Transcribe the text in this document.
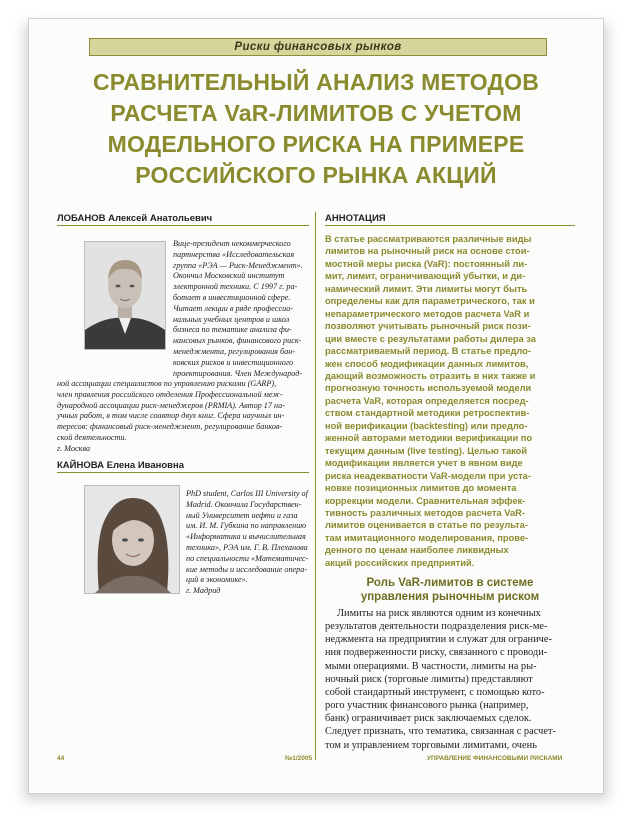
Риски финансовых рынков
СРАВНИТЕЛЬНЫЙ АНАЛИЗ МЕТОДОВ
РАСЧЕТА VaR-ЛИМИТОВ С УЧЕТОМ
МОДЕЛЬНОГО РИСКА НА ПРИМЕРЕ
РОССИЙСКОГО РЫНКА АКЦИЙ
ЛОБАНОВ Алексей Анатольевич
Вице-президент некоммерческого
партнерства «Исследовательская
группа «РЭА — Риск-Менеджмент».
Окончил Московский институт
электронной техники. С 1997 г. ра-
ботает в инвестиционной сфере.
Читает лекции в ряде профессио-
нальных учебных центров и школ
бизнеса по тематике анализа фи-
нансовых рынков, финансового риск-
менеджмента, регулирования бан-
ковских рисков и инвестиционного
проектирования. Член Международ-
ной ассоциации специалистов по управлению рисками (GARP),
член правления российского отделения Профессиональной меж-
дународной ассоциации риск-менеджеров (PRMIA). Автор 17 на-
учных работ, в том числе соавтор двух книг. Сфера научных ин-
тересов: финансовый риск-менеджмент, регулирование банков-
ской деятельности.
г. Москва
КАЙНОВА Елена Ивановна
PhD student, Carlos III University of
Madrid. Окончила Государствен-
ный Университет нефти и газа
им. И. М. Губкина по направлению
«Информатика и вычислительная
техника», РЭА им. Г. В. Плеханова
по специальности «Математичес-
кие методы и исследование опера-
ций в экономике».
г. Мадрид
АННОТАЦИЯ
В статье рассматриваются различные виды
лимитов на рыночный риск на основе стои-
мостной меры риска (VaR): постоянный ли-
мит, лимит, ограничивающий убытки, и ди-
намический лимит. Эти лимиты могут быть
определены как для параметрического, так и
непараметрического методов расчета VaR и
позволяют учитывать рыночный риск пози-
ции вместе с результатами работы дилера за
рассматриваемый период. В статье предло-
жен способ модификации данных лимитов,
дающий возможность отразить в них также и
прогнозную точность используемой модели
расчета VaR, которая определяется посред-
ством стандартной методики ретроспектив-
ной верификации (backtesting) или предло-
женной авторами методики верификации по
текущим данным (live testing). Целью такой
модификации является учет в явном виде
риска неадекватности VaR-модели при уста-
новке позиционных лимитов до момента
коррекции модели. Сравнительная эффек-
тивность различных методов расчета VaR-
лимитов оценивается в статье по результа-
там имитационного моделирования, прове-
денного по ценам наиболее ликвидных
акций российских предприятий.
Роль VaR-лимитов в системе
управления рыночным риском
Лимиты на риск являются одним из конечных
результатов деятельности подразделения риск-ме-
неджмента на предприятии и служат для ограниче-
ния подверженности риску, связанного с проводи-
мыми операциями. В частности, лимиты на ры-
ночный риск (торговые лимиты) представляют
собой стандартный инструмент, с помощью кото-
рого участник финансового рынка (например,
банк) ограничивает риск заключаемых сделок.
Следует признать, что тематика, связанная с расчет-
том и управлением торговыми лимитами, очень
44	№1/2005	УПРАВЛЕНИЕ ФИНАНСОВЫМИ РИСКАМИ
